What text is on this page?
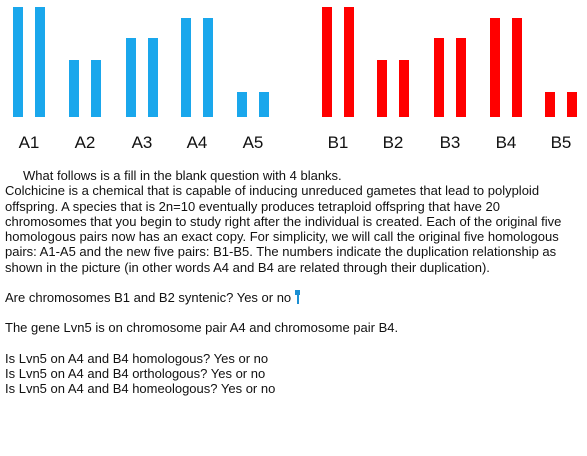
A1	A2	A3	A4	A5	B1	B2	B3	B4	B5

What follows is a fill in the blank question with 4 blanks.

Colchicine is a chemical that is capable of inducing unreduced gametes that lead to polyploid offspring. A species that is 2n=10 eventually produces tetraploid offspring that have 20 chromosomes that you begin to study right after the individual is created. Each of the original five homologous pairs now has an exact copy. For simplicity, we will call the original five homologous pairs: A1-A5 and the new five pairs: B1-B5. The numbers indicate the duplication relationship as shown in the picture (in other words A4 and B4 are related through their duplication).

Are chromosomes B1 and B2 syntenic? Yes or no

The gene Lvn5 is on chromosome pair A4 and chromosome pair B4.

Is Lvn5 on A4 and B4 homologous? Yes or no

Is Lvn5 on A4 and B4 orthologous? Yes or no

Is Lvn5 on A4 and B4 homeologous? Yes or no
